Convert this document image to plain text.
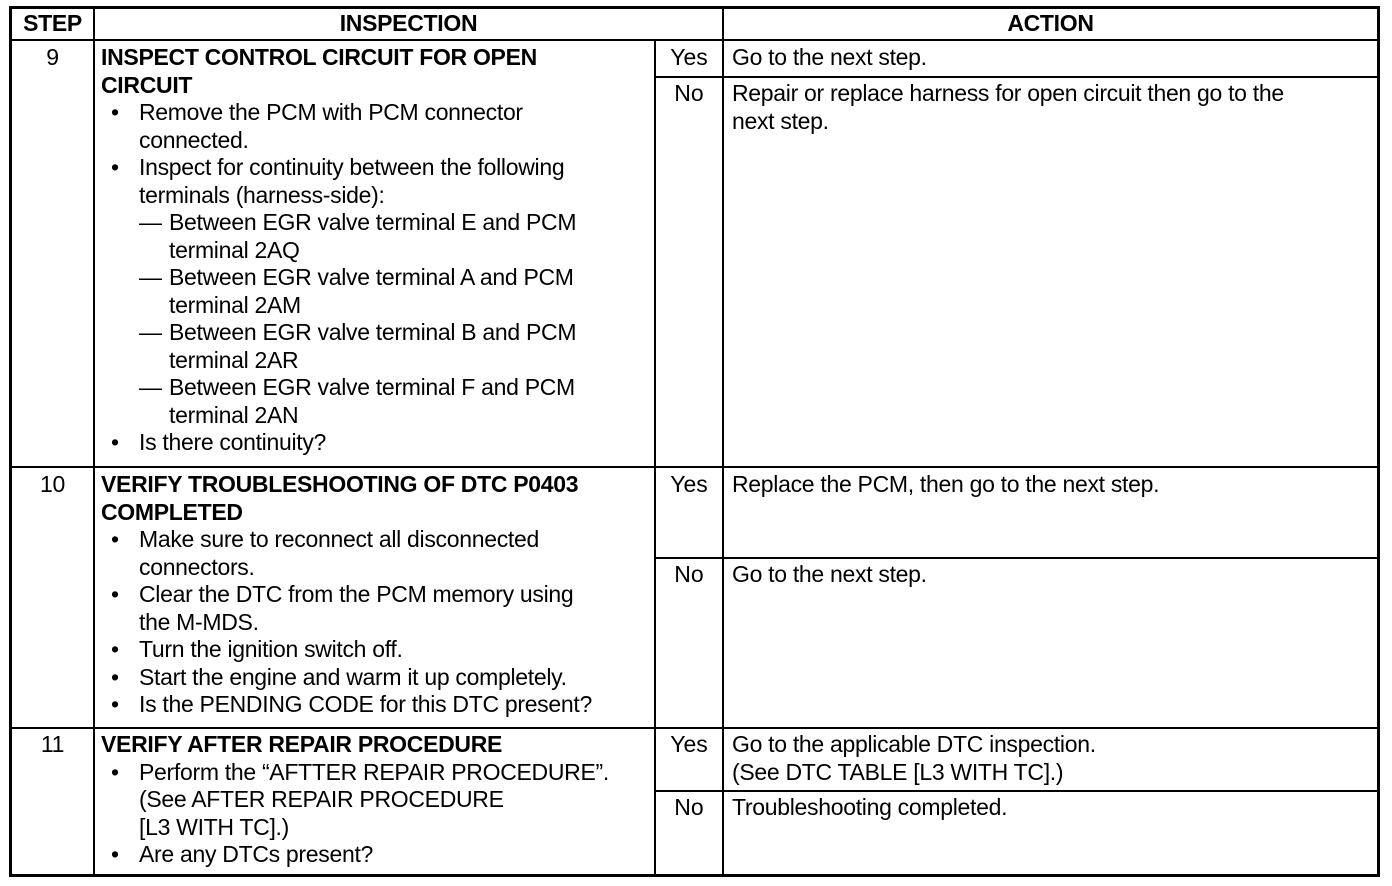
STEP	INSPECTION	ACTION
9	INSPECT CONTROL CIRCUIT FOR OPEN
CIRCUIT
• Remove the PCM with PCM connector
connected.
• Inspect for continuity between the following
terminals (harness-side):
— Between EGR valve terminal E and PCM
terminal 2AQ
— Between EGR valve terminal A and PCM
terminal 2AM
— Between EGR valve terminal B and PCM
terminal 2AR
— Between EGR valve terminal F and PCM
terminal 2AN
• Is there continuity?
Yes	Go to the next step.
No	Repair or replace harness for open circuit then go to the
next step.
10	VERIFY TROUBLESHOOTING OF DTC P0403
COMPLETED
• Make sure to reconnect all disconnected
connectors.
• Clear the DTC from the PCM memory using
the M-MDS.
• Turn the ignition switch off.
• Start the engine and warm it up completely.
• Is the PENDING CODE for this DTC present?
Yes	Replace the PCM, then go to the next step.
No	Go to the next step.
11	VERIFY AFTER REPAIR PROCEDURE
• Perform the “AFTTER REPAIR PROCEDURE”.
(See AFTER REPAIR PROCEDURE
[L3 WITH TC].)
• Are any DTCs present?
Yes	Go to the applicable DTC inspection.
(See DTC TABLE [L3 WITH TC].)
No	Troubleshooting completed.
